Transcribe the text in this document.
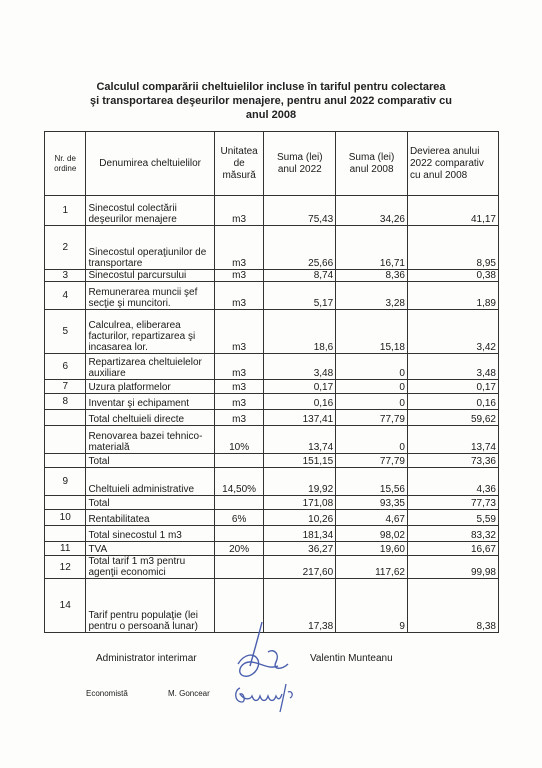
Calculul comparării cheltuielilor incluse în tariful pentru colectarea
şi transportarea deşeurilor menajere, pentru anul 2022 comparativ cu
anul 2008
Nr. de ordine	Denumirea cheltuielilor	Unitatea de măsură	Suma (lei) anul 2022	Suma (lei) anul 2008	Devierea anului 2022 comparativ cu anul 2008
1	Sinecostul colectării deşeurilor menajere	m3	75,43	34,26	41,17
2	Sinecostul operaţiunilor de transportare	m3	25,66	16,71	8,95
3	Sinecostul parcursului	m3	8,74	8,36	0,38
4	Remunerarea muncii şef secţie şi muncitori.	m3	5,17	3,28	1,89
5	Calculrea, eliberarea facturilor, repartizarea şi incasarea lor.	m3	18,6	15,18	3,42
6	Repartizarea cheltuielelor auxiliare	m3	3,48	0	3,48
7	Uzura platformelor	m3	0,17	0	0,17
8	Inventar şi echipament	m3	0,16	0	0,16
	Total cheltuieli directe	m3	137,41	77,79	59,62
	Renovarea bazei tehnico-materială	10%	13,74	0	13,74
	Total		151,15	77,79	73,36
9	Cheltuieli administrative	14,50%	19,92	15,56	4,36
	Total		171,08	93,35	77,73
10	Rentabilitatea	6%	10,26	4,67	5,59
	Total sinecostul 1 m3		181,34	98,02	83,32
11	TVA	20%	36,27	19,60	16,67
12	Total tarif 1 m3 pentru agenţii economici		217,60	117,62	99,98
14	Tarif pentru populaţie (lei pentru o persoană lunar)		17,38	9	8,38
Administrator interimar	Valentin Munteanu
Economistă	M. Goncear
